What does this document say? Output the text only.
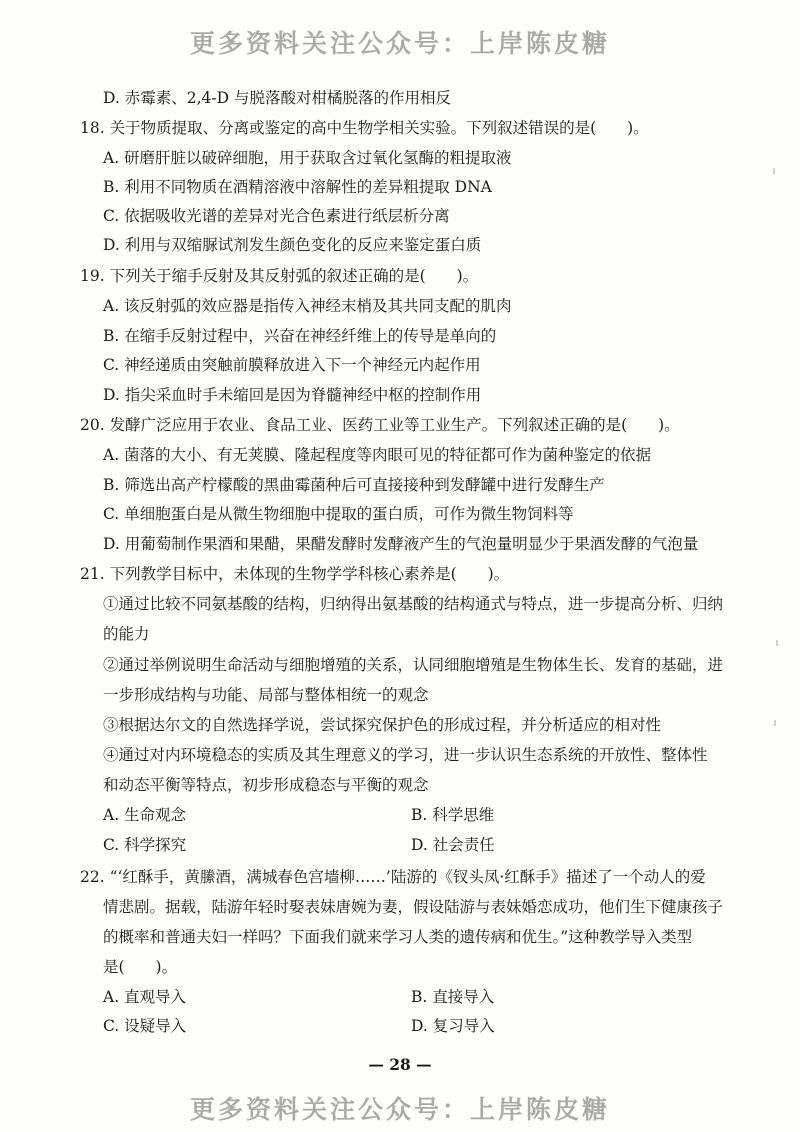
更多资料关注公众号：上岸陈皮糖
D. 赤霉素、2,4-D 与脱落酸对柑橘脱落的作用相反
18. 关于物质提取、分离或鉴定的高中生物学相关实验。下列叙述错误的是(　　)。
A. 研磨肝脏以破碎细胞，用于获取含过氧化氢酶的粗提取液
B. 利用不同物质在酒精溶液中溶解性的差异粗提取 DNA
C. 依据吸收光谱的差异对光合色素进行纸层析分离
D. 利用与双缩脲试剂发生颜色变化的反应来鉴定蛋白质
19. 下列关于缩手反射及其反射弧的叙述正确的是(　　)。
A. 该反射弧的效应器是指传入神经末梢及其共同支配的肌肉
B. 在缩手反射过程中，兴奋在神经纤维上的传导是单向的
C. 神经递质由突触前膜释放进入下一个神经元内起作用
D. 指尖采血时手未缩回是因为脊髓神经中枢的控制作用
20. 发酵广泛应用于农业、食品工业、医药工业等工业生产。下列叙述正确的是(　　)。
A. 菌落的大小、有无荚膜、隆起程度等肉眼可见的特征都可作为菌种鉴定的依据
B. 筛选出高产柠檬酸的黑曲霉菌种后可直接接种到发酵罐中进行发酵生产
C. 单细胞蛋白是从微生物细胞中提取的蛋白质，可作为微生物饲料等
D. 用葡萄制作果酒和果醋，果醋发酵时发酵液产生的气泡量明显少于果酒发酵的气泡量
21. 下列教学目标中，未体现的生物学学科核心素养是(　　)。
①通过比较不同氨基酸的结构，归纳得出氨基酸的结构通式与特点，进一步提高分析、归纳
的能力
②通过举例说明生命活动与细胞增殖的关系，认同细胞增殖是生物体生长、发育的基础，进
一步形成结构与功能、局部与整体相统一的观念
③根据达尔文的自然选择学说，尝试探究保护色的形成过程，并分析适应的相对性
④通过对内环境稳态的实质及其生理意义的学习，进一步认识生态系统的开放性、整体性
和动态平衡等特点，初步形成稳态与平衡的观念
A. 生命观念	B. 科学思维
C. 科学探究	D. 社会责任
22. “‘红酥手，黄縢酒，满城春色宫墙柳……’陆游的《钗头凤·红酥手》描述了一个动人的爱
情悲剧。据载，陆游年轻时娶表妹唐婉为妻，假设陆游与表妹婚恋成功，他们生下健康孩子
的概率和普通夫妇一样吗？下面我们就来学习人类的遗传病和优生。”这种教学导入类型
是(　　)。
A. 直观导入	B. 直接导入
C. 设疑导入	D. 复习导入
— 28 —
更多资料关注公众号：上岸陈皮糖
